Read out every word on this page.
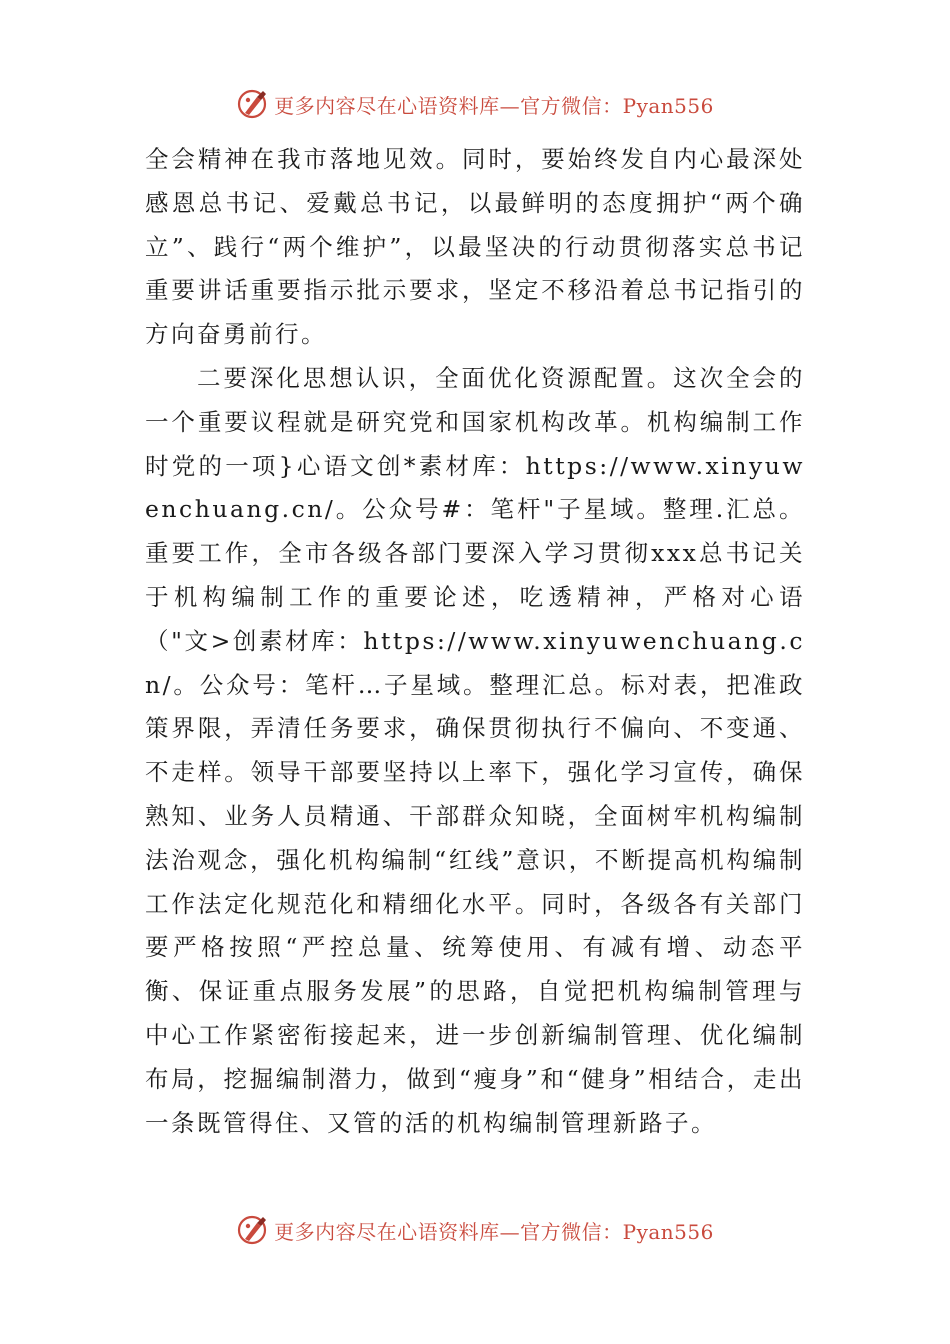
更多内容尽在心语资料库—官方微信：Pyan556

全会精神在我市落地见效。同时，要始终发自内心最深处感恩总书记、爱戴总书记，以最鲜明的态度拥护“两个确立”、践行“两个维护”，以最坚决的行动贯彻落实总书记重要讲话重要指示批示要求，坚定不移沿着总书记指引的方向奋勇前行。

二要深化思想认识，全面优化资源配置。这次全会的一个重要议程就是研究党和国家机构改革。机构编制工作时党的一项}心语文创*素材库：https://www.xinyuwenchuang.cn/。公众号#：笔杆"子星域。整理.汇总。重要工作，全市各级各部门要深入学习贯彻xxx总书记关于机构编制工作的重要论述，吃透精神，严格对心语（"文>创素材库：https://www.xinyuwenchuang.cn/。公众号：笔杆…子星域。整理汇总。标对表，把准政策界限，弄清任务要求，确保贯彻执行不偏向、不变通、不走样。领导干部要坚持以上率下，强化学习宣传，确保熟知、业务人员精通、干部群众知晓，全面树牢机构编制法治观念，强化机构编制“红线”意识，不断提高机构编制工作法定化规范化和精细化水平。同时，各级各有关部门要严格按照“严控总量、统筹使用、有减有增、动态平衡、保证重点服务发展”的思路，自觉把机构编制管理与中心工作紧密衔接起来，进一步创新编制管理、优化编制布局，挖掘编制潜力，做到“瘦身”和“健身”相结合，走出一条既管得住、又管的活的机构编制管理新路子。

更多内容尽在心语资料库—官方微信：Pyan556
